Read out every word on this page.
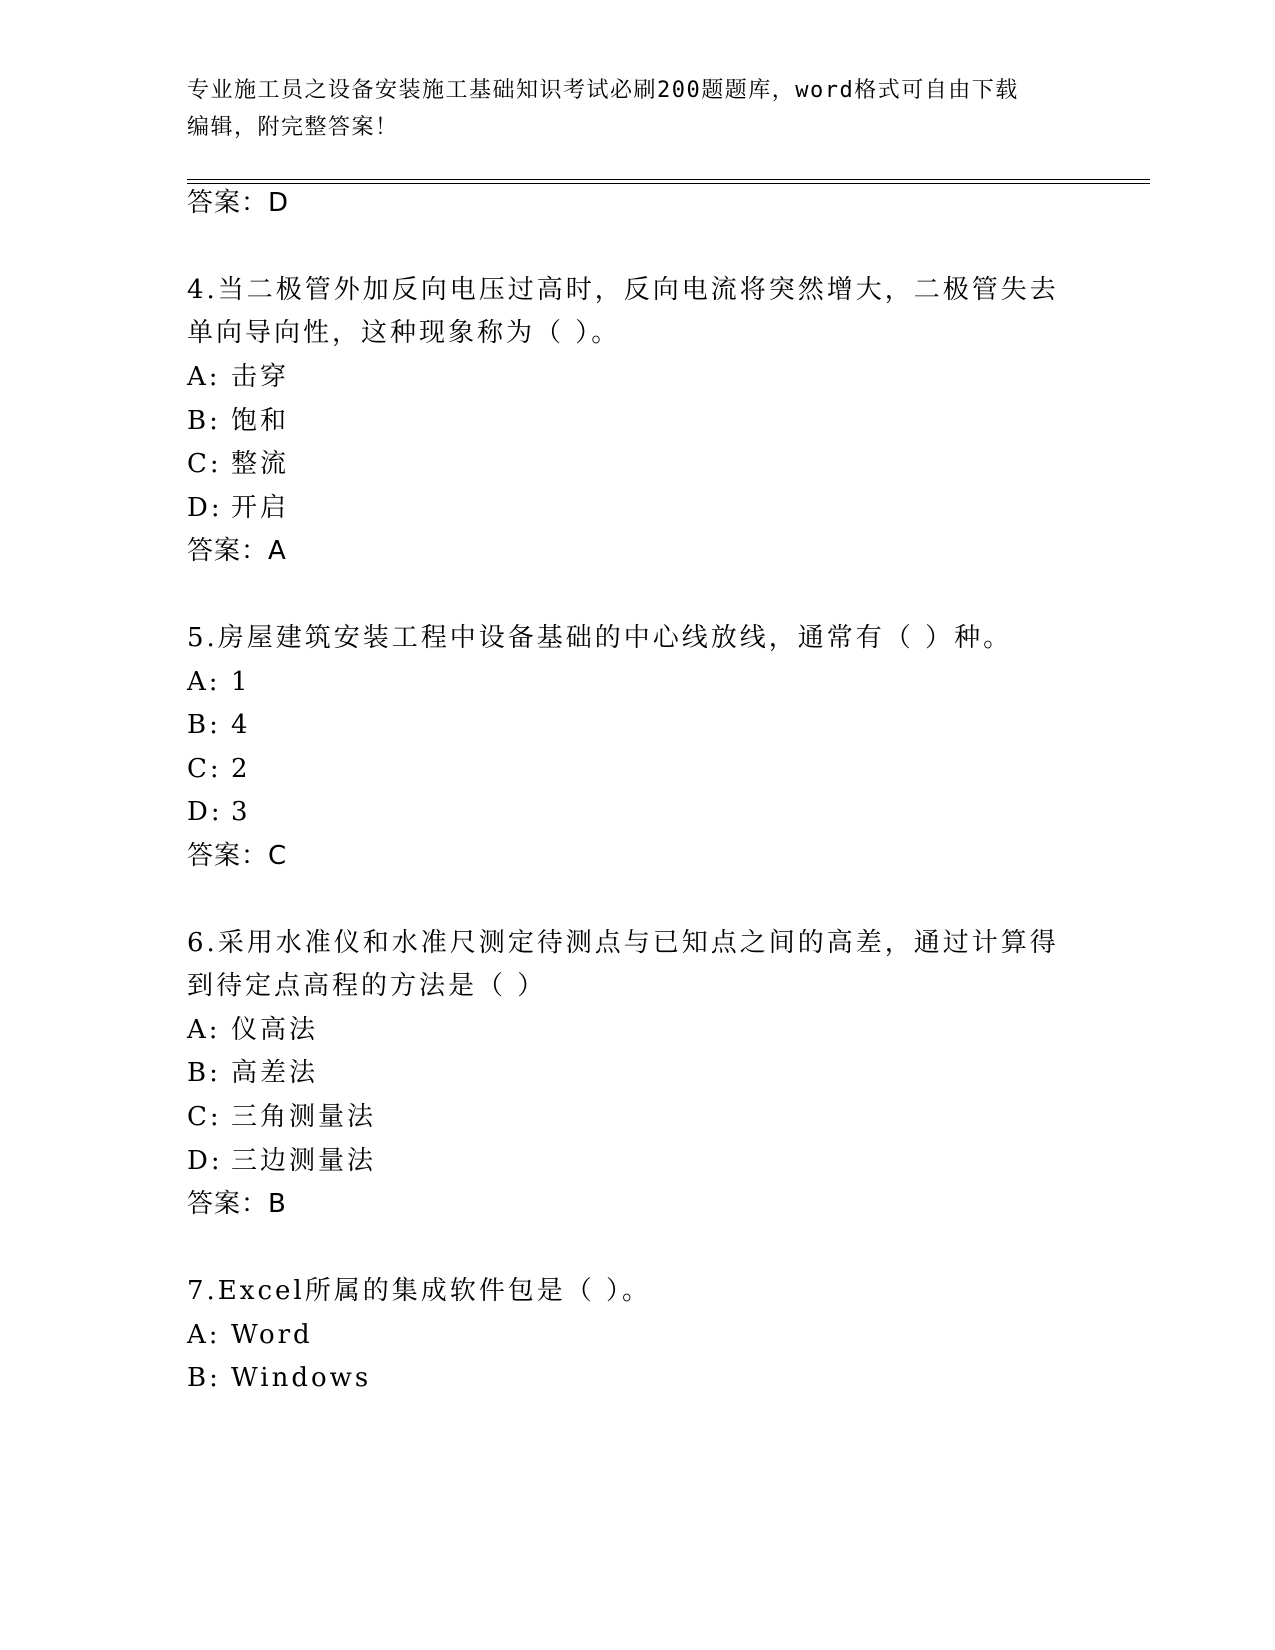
专业施工员之设备安装施工基础知识考试必刷200题题库，word格式可自由下载
编辑，附完整答案！
答案：D
4.当二极管外加反向电压过高时，反向电流将突然增大，二极管失去
单向导向性，这种现象称为（ ）。
A: 击穿
B: 饱和
C: 整流
D: 开启
答案：A
5.房屋建筑安装工程中设备基础的中心线放线，通常有（ ）种。
A: 1
B: 4
C: 2
D: 3
答案：C
6.采用水准仪和水准尺测定待测点与已知点之间的高差，通过计算得
到待定点高程的方法是（ ）
A: 仪高法
B: 高差法
C: 三角测量法
D: 三边测量法
答案：B
7.Excel所属的集成软件包是（ ）。
A: Word
B: Windows
